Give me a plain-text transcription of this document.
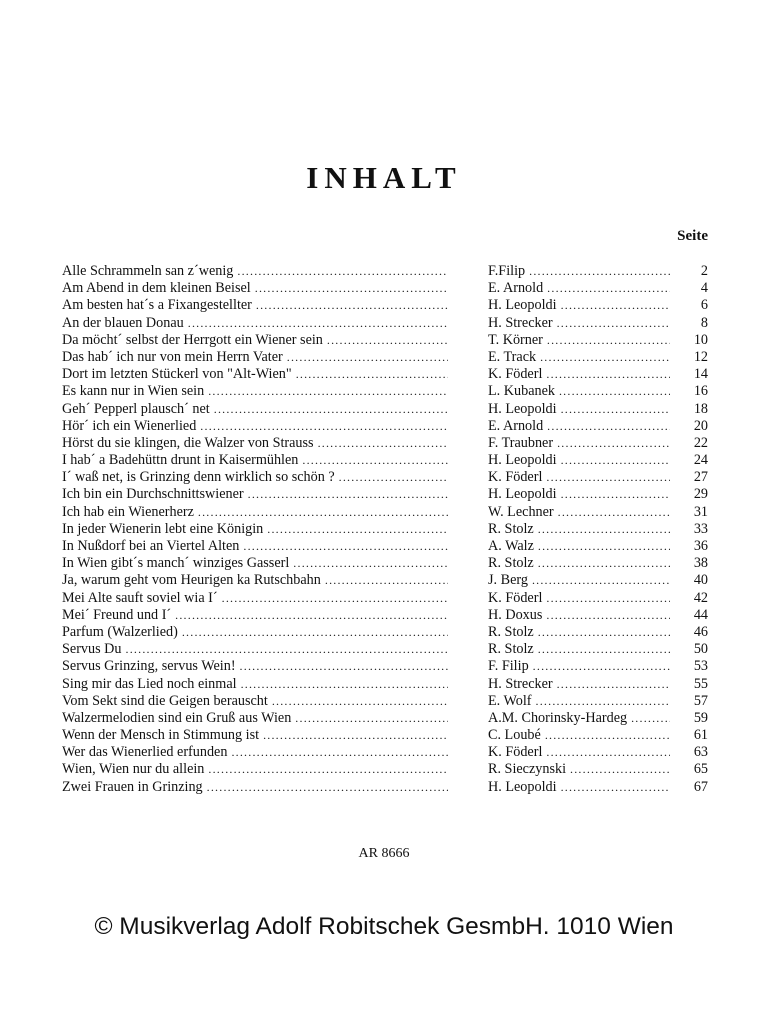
INHALT
Seite
Alle Schrammeln san z´wenig .....	F.Filip .....	2
Am Abend in dem kleinen Beisel .....	E. Arnold .....	4
Am besten hat´s a Fixangestellter .....	H. Leopoldi .....	6
An der blauen Donau .....	H. Strecker .....	8
Da möcht´ selbst der Herrgott ein Wiener sein .....	T. Körner .....	10
Das hab´ ich nur von mein Herrn Vater .....	E. Track .....	12
Dort im letzten Stückerl von "Alt-Wien" .....	K. Föderl .....	14
Es kann nur in Wien sein .....	L. Kubanek .....	16
Geh´ Pepperl plausch´ net .....	H. Leopoldi .....	18
Hör´ ich ein Wienerlied .....	E. Arnold .....	20
Hörst du sie klingen, die Walzer von Strauss .....	F. Traubner .....	22
I hab´ a Badehüttn drunt in Kaisermühlen .....	H. Leopoldi .....	24
I´ waß net, is Grinzing denn wirklich so schön ? .....	K. Föderl .....	27
Ich bin ein Durchschnittswiener .....	H. Leopoldi .....	29
Ich hab ein Wienerherz .....	W. Lechner .....	31
In jeder Wienerin lebt eine Königin .....	R. Stolz .....	33
In Nußdorf bei an Viertel Alten .....	A. Walz .....	36
In Wien gibt´s manch´ winziges Gasserl .....	R. Stolz .....	38
Ja, warum geht vom Heurigen ka Rutschbahn .....	J. Berg .....	40
Mei Alte sauft soviel wia I´ .....	K. Föderl .....	42
Mei´ Freund und I´ .....	H. Doxus .....	44
Parfum (Walzerlied) .....	R. Stolz .....	46
Servus Du .....	R. Stolz .....	50
Servus Grinzing, servus Wein! .....	F. Filip .....	53
Sing mir das Lied noch einmal .....	H. Strecker .....	55
Vom Sekt sind die Geigen berauscht .....	E. Wolf .....	57
Walzermelodien sind ein Gruß aus Wien .....	A.M. Chorinsky-Hardeg .....	59
Wenn der Mensch in Stimmung ist .....	C. Loubé .....	61
Wer das Wienerlied erfunden .....	K. Föderl .....	63
Wien, Wien nur du allein .....	R. Sieczynski .....	65
Zwei Frauen in Grinzing .....	H. Leopoldi .....	67
AR 8666
© Musikverlag Adolf Robitschek GesmbH. 1010 Wien
